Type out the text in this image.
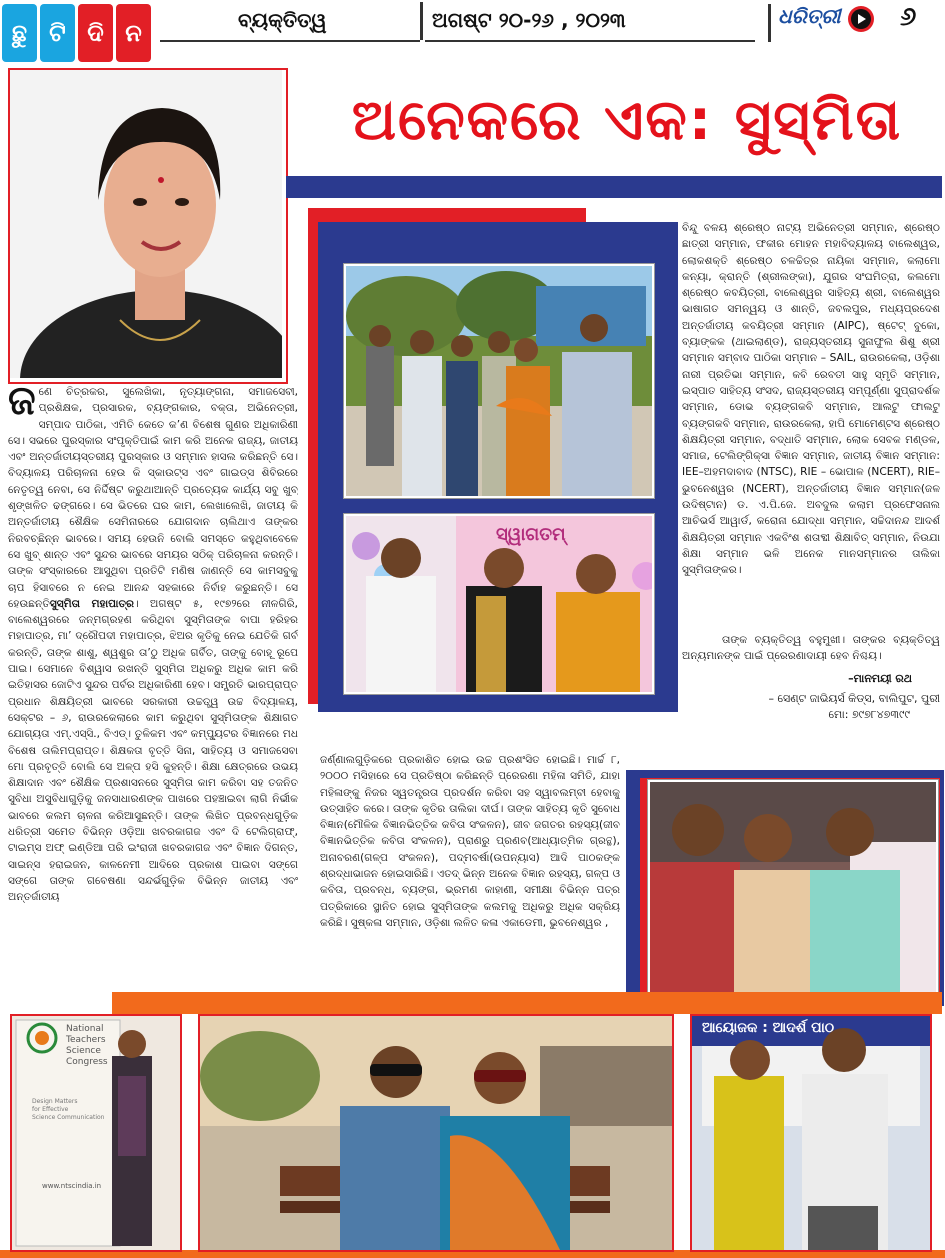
ଛୁ ଟି ଦି ନ	ବ୍ୟକ୍ତିତ୍ୱ	ଅଗଷ୍ଟ ୨୦-୨୬ , ୨୦୨୩	ଧରିତ୍ରୀ ୬
ଅନେକରେ ଏକ: ସୁସ୍ମିତା
ସ୍ୱାଗତମ୍

ଜଣେ ଚିତ୍ରକର, ସୁଲେଖିକା, ନୃତ୍ୟାଙ୍ଗନା, ସମାଜସେବୀ, ପ୍ରଶିକ୍ଷକ, ପ୍ରସାରକ, ବ୍ୟଙ୍ଗକାର, ବକ୍ତା, ଅଭିନେତ୍ରୀ, ସମ୍ପାଦ ପାଠିକା, ଏମିତି କେତେ କ’ଣ ବିଶେଷ ଗୁଣର ଅଧିକାରିଣୀ ସେ। ସଭରେ ପୁରସ୍କାର ସଂପୃକ୍ତିପାଇଁ କାମ କରି ଅନେକ ରାଜ୍ୟ, ଜାତୀୟ ଏବଂ ଅନ୍ତର୍ଜାତୀୟସ୍ତରୀୟ ପୁରସ୍କାର ଓ ସମ୍ମାନ ହାସଲ କରିଛନ୍ତି ସେ। ବିଦ୍ୟାଳୟ ପରିଚାଳନା ହେଉ କି ସ୍କାଉଟ୍ସ ଏବଂ ଗାଇଡ୍ସ ଶିବିରରେ ନେତୃତ୍ୱ ନେବା, ସେ ନିର୍ଦ୍ଦିଷ୍ଟ କରୁଥାଆନ୍ତି ପ୍ରତ୍ୟେକ କାର୍ଯ୍ୟ ସବୁ ଖୁବ୍ ଶୃଙ୍ଖଳିତ ଢଙ୍ଗରେ। ସେ ଭିତରେ ଘର କାମ, ଲେଖାଲେଖି, ଜାତୀୟ କି ଅନ୍ତର୍ଜାତୀୟ ଶୈକ୍ଷିକ ସେମିନାରରେ ଯୋଗଦାନ ଚାଲିଥାଏ ତାଙ୍କର ନିରବଚ୍ଛିନ୍ନ ଭାବରେ। ସମୟ ହେଉନି ବୋଲି ସମସ୍ତେ କହୁଥିବାବେଳେ ସେ ଖୁବ୍ ଶାନ୍ତ ଏବଂ ସୁନ୍ଦର ଭାବରେ ସମୟର ସଠିକ୍ ପରିଚାଳନା କରନ୍ତି। ତାଙ୍କ ସଂସ୍କାରରେ ଆସୁଥିବା ପ୍ରତିଟି ମଣିଷ ଜାଣନ୍ତି ସେ କାମସବୁକୁ ଚାପ ହିସାବରେ ନ ନେଇ ଆନନ୍ଦ ସହକାରେ ନିର୍ବାହ କରୁଛନ୍ତି। ସେ ହେଉଛନ୍ତିସୁସ୍ମିତା ମହାପାତ୍ର। ଅଗଷ୍ଟ ୫, ୧୯୭୨ରେ ନୀଳଗିରି, ବାଲେଶ୍ୱରରେ ଜନ୍ମଗ୍ରହଣ କରିଥିବା ସୁସ୍ମିତାଙ୍କ ବାପା ହରିହର ମହାପାତ୍ର, ମା’ ଦ୍ରୌପଦୀ ମହାପାତ୍ର, ଝିଅର କୃତିକୁ ନେଇ ଯେତିକି ଗର୍ବ କରନ୍ତି, ତାଙ୍କ ଶାଶୁ, ଶ୍ୱଶୁର ତା’ଠୁ ଅଧିକ ଗର୍ବିତ, ତାଙ୍କୁ ବୋହୂ ରୂପେ ପାଇ। ସେମାନେ ବିଶ୍ୱାସ ରଖନ୍ତି ସୁସ୍ମିତା ଅଧିକରୁ ଅଧିକ କାମ କରି ଇତିହାସର ଜୋଟିଏ ସୁନ୍ଦର ପର୍ବର ଅଧିକାରିଣୀ ହେବ। ସମ୍ପ୍ରତି ଭାରପ୍ରାପ୍ତ ପ୍ରଧାନ ଶିକ୍ଷୟିତ୍ରୀ ଭାବରେ ସରକାରୀ ଉଚ୍ଚତ୍ତ୍ୱ ଉଚ୍ଚ ବିଦ୍ୟାଳୟ, ସେକ୍ଟର – ୬, ରାଉରକେଲାରେ କାମ କରୁଥିବା ସୁସ୍ମିତାଙ୍କ ଶିକ୍ଷାଗତ ଯୋଗ୍ୟତା ଏମ୍.ଏସ୍‌ସି., ବିଏଡ୍। ତୁଳିକମ ଏବଂ କମ୍ପ୍ୟୁଟର ବିଜ୍ଞାନରେ ମଧ ବିଶେଷ ତାଲିମପ୍ରାପ୍ତ। ଶିକ୍ଷକତା ବୃତ୍ତି ସିନା, ସାହିତ୍ୟ ଓ ସମାଜସେବା ମୋ ପ୍ରବୃତ୍ତି ବୋଲି ସେ ଅଳ୍ପ ହସି କୁହନ୍ତି। ଶିକ୍ଷା କ୍ଷେତ୍ରରେ ଉଭୟ ଶିକ୍ଷାଦାନ ଏବଂ ଶୈକ୍ଷିକ ପ୍ରଶାସନରେ ସୁସ୍ମିତା କାମ କରିବା ସହ ତଜନିତ ସୁବିଧା ଅସୁବିଧାଗୁଡ଼ିକୁ ଜନସାଧାରଣଙ୍କ ପାଖରେ ପହଞ୍ଚାଇବା ଲାଗି ନିର୍ଭୀକ ଭାବରେ କଲମ ଚାଳନା କରିଆସୁଛନ୍ତି। ତାଙ୍କ ଲିଖିତ ପ୍ରବନ୍ଧଗୁଡ଼ିକ ଧରିତ୍ରୀ ସମେତ ବିଭିନ୍ନ ଓଡ଼ିଆ ଖବରକାଗଜ ଏବଂ ଦି ଟେଲିଗ୍ରାଫ୍, ଟାଇମ୍ସ ଅଫ୍ ଇଣ୍ଡିଆ ପରି ଇଂରାଜୀ ଖବରକାଗଜ ଏବଂ ବିଜ୍ଞାନ ଦିଗନ୍ତ, ସାଇନ୍ସ ହରାଇଜନ, କାଳନେମୀ ଆଦିରେ ପ୍ରକାଶ ପାଇବା ସଙ୍ଗେ ସଙ୍ଗେ ତାଙ୍କ ଗବେଷଣା ସନ୍ଦର୍ଭଗୁଡ଼ିକ ବିଭିନ୍ନ ଜାତୀୟ ଏବଂ ଅନ୍ତର୍ଜାତୀୟ

ଜର୍ଣ୍ଣାଲଗୁଡ଼ିକରେ ପ୍ରକାଶିତ ହୋଇ ଉଚ୍ଚ ପ୍ରଶଂସିତ ହୋଇଛି। ମାର୍ଚ୍ଚ ୮, ୨୦୦୦ ମସିହାରେ ସେ ପ୍ରତିଷ୍ଠା କରିଛନ୍ତି ପ୍ରେରଣା ମହିଳା ସମିତି, ଯାହା ମହିଳାଙ୍କୁ ନିଜର ସ୍ୱତନ୍ତ୍ରତା ପ୍ରଦର୍ଶନ କରିବା ସହ ସ୍ୱାବଲମ୍ବୀ ହେବାକୁ ଉତ୍ସାହିତ କରେ। ତାଙ୍କ କୃତିର ତାଲିକା ଦୀର୍ଘ। ତାଙ୍କ ସାହିତ୍ୟ କୃତି ସୁବୋଧ ବିଜ୍ଞାନ(ମୌଳିକ ବିଜ୍ଞାନଭିତ୍ତିକ କବିତା ସଂକଳନ), ଜୀବ ଜଗତର ରହସ୍ୟ(ଜୀବ ବିଜ୍ଞାନଭିତ୍ତିକ କବିତା ସଂକଳନ), ପ୍ରାଣରୁ ପ୍ରଣବ(ଆଧ୍ୟାତ୍ମିକ ଗ୍ରନ୍ଥ), ଅନାବରଣ(ଗଳ୍ପ ସଂକଳନ), ପଦ୍ମବର୍ଷା(ଉପନ୍ୟାସ) ଆଦି ପାଠକଙ୍କ ଶ୍ରଦ୍ଧାଭାଜନ ହୋଇସାରିଛି। ଏତଦ୍ ଭିନ୍ନ ଅନେକ ବିଜ୍ଞାନ ରହସ୍ୟ, ଗଳ୍ପ ଓ କବିତା, ପ୍ରବନ୍ଧ, ବ୍ୟଙ୍ଗ, ଭ୍ରମଣ କାହାଣୀ, ସମୀକ୍ଷା ବିଭିନ୍ନ ପତ୍ର ପତ୍ରିକାରେ ସ୍ଥାନିତ ହୋଇ ସୁସ୍ମିତାଙ୍କ କଲମକୁ ଅଧିକରୁ ଅଧିକ ସକ୍ରିୟ କରିଛି। ସୁଷ୍କଳା ସମ୍ମାନ, ଓଡ଼ିଶା ଲଳିତ କଳା ଏକାଡେମୀ, ଭୁବନେଶ୍ୱର ,

ବିନ୍ଦୁ ବଳୟ ଶ୍ରେଷ୍ଠ ନାଟ୍ୟ ଅଭିନେତ୍ରୀ ସମ୍ମାନ, ଶ୍ରେଷ୍ଠ ଛାତ୍ରୀ ସମ୍ମାନ, ଫକୀର ମୋହନ ମହାବିଦ୍ୟାଳୟ ବାଲେଶ୍ୱର, ଲୋକଶକ୍ତି ଶ୍ରେଷ୍ଠ ଚଳଚ୍ଚିତ୍ର ନାୟିକା ସମ୍ମାନ, କଲାମୋ କନ୍ୟା, କ୍ରାନ୍ତି (ଶ୍ରୀଲଙ୍କା), ଯୁଗର ସଂଘମିତ୍ରା, କଲମୋ ଶ୍ରେଷ୍ଠ କବୟିତ୍ରୀ, ବାଲେଶ୍ୱର ସାହିତ୍ୟ ଶ୍ରୀ, ବାଲେଶ୍ୱର ଭାଷାଗତ ସମନ୍ୱୟ ଓ ଶାନ୍ତି, ଜବଲପୁର, ମଧ୍ୟପ୍ରଦେଶ ଅନ୍ତର୍ଜାତୀୟ କବୟିତ୍ରୀ ସମ୍ମାନ (AIPC), ଷ୍ଟେଟ୍ ବୁକୋ, ବ୍ୟାଙ୍କକ (ଥାଇଲାଣ୍ଡ), ରାଜ୍ୟସ୍ତରୀୟ ସୁନାଫୁଲ ଶିଶୁ ଶ୍ରୀ ସମ୍ମାନ ସମ୍ବାଦ ପାଠିକା ସମ୍ମାନ – SAIL, ରାଉରକେଲା, ଓଡ଼ିଶା ନାରୀ ପ୍ରତିଭା ସମ୍ମାନ, କବି ରେବତୀ ସାହୁ ସ୍ମୃତି ସମ୍ମାନ, ଇସ୍ପାତ ସାହିତ୍ୟ ସଂସଦ, ରାଜ୍ୟସ୍ତରୀୟ ସମ୍ପୂର୍ଣ୍ଣା ସୁପ୍ରାଦର୍ଶକ ସମ୍ମାନ, ଡୋଭ ବ୍ୟଙ୍ଗକବି ସମ୍ମାନ, ଆଲଟୁ ଫାଲଟୁ ବ୍ୟଙ୍ଗକବି ସମ୍ମାନ, ରାଉରକେଲା, ହାପି ମୋମେଣ୍ଟସ ଶ୍ରେଷ୍ଠ ଶିକ୍ଷୟିତ୍ରୀ ସମ୍ମାନ, ବଦ୍ଧାତି ସମ୍ମାନ, ଲୋକ ସେବକ ମଣ୍ଡଳ, ସମାଜ, ଟେଲିଙ୍ଗିକ୍ସା ବିଜ୍ଞାନ ସମ୍ମାନ, ଜାତୀୟ ବିଜ୍ଞାନ ସମ୍ମାନ: IEE–ଅହମଦାବାଦ (NTSC), RIE – ଭୋପାଳ (NCERT), RIE–ଭୁବନେଶ୍ୱର (NCERT), ଅନ୍ତର୍ଜାତୀୟ ବିଜ୍ଞାନ ସମ୍ମାନ(ଜଳ ଉଦିଷ୍ଟାନ) ଡ. ଏ.ପି.ଜେ. ଅବଦୁଲ କଲାମ ପ୍ରଫେସନାଲ ଆଚିଭର୍ସ ଆୱାର୍ଡ, କରୋନା ଯୋଦ୍ଧା ସମ୍ମାନ, ସଚ୍ଚିଦାନନ୍ଦ ଆଦର୍ଶ ଶିକ୍ଷୟିତ୍ରୀ ସମ୍ମାନ ଏକବିଂଶ ଶତାବ୍ଦୀ ଶିକ୍ଷାବିତ୍ ସମ୍ମାନ, ନିଉଯା ଶିକ୍ଷା ସମ୍ମାନ ଭଳି ଅନେକ ମାନସମ୍ମାନର ତାଲିକା ସୁସ୍ମିତାଙ୍କର।

ତାଙ୍କ ବ୍ୟକ୍ତିତ୍ୱ ବହୁମୁଖୀ। ତାଙ୍କର ବ୍ୟକ୍ତିତ୍ୱ ଅନ୍ୟମାନଙ୍କ ପାଇଁ ପ୍ରେରଣାଦାୟୀ ହେବ ନିଶ୍ଚୟ।
–ମାନମୟୀ ରଥ
– ସେଣ୍ଟ ଜାଭିୟର୍ସ କିଡ୍ସ, ବାଲିପୁଟ, ପୁରୀ
ମୋ: ୭୯୭୮୪୭୩୯୯
National
Teachers
Science
Congress
Design Matters
for Effective
Science Communication
www.ntscindia.in
ଆୟୋଜକ : ଆଦର୍ଶ ପାଠ
